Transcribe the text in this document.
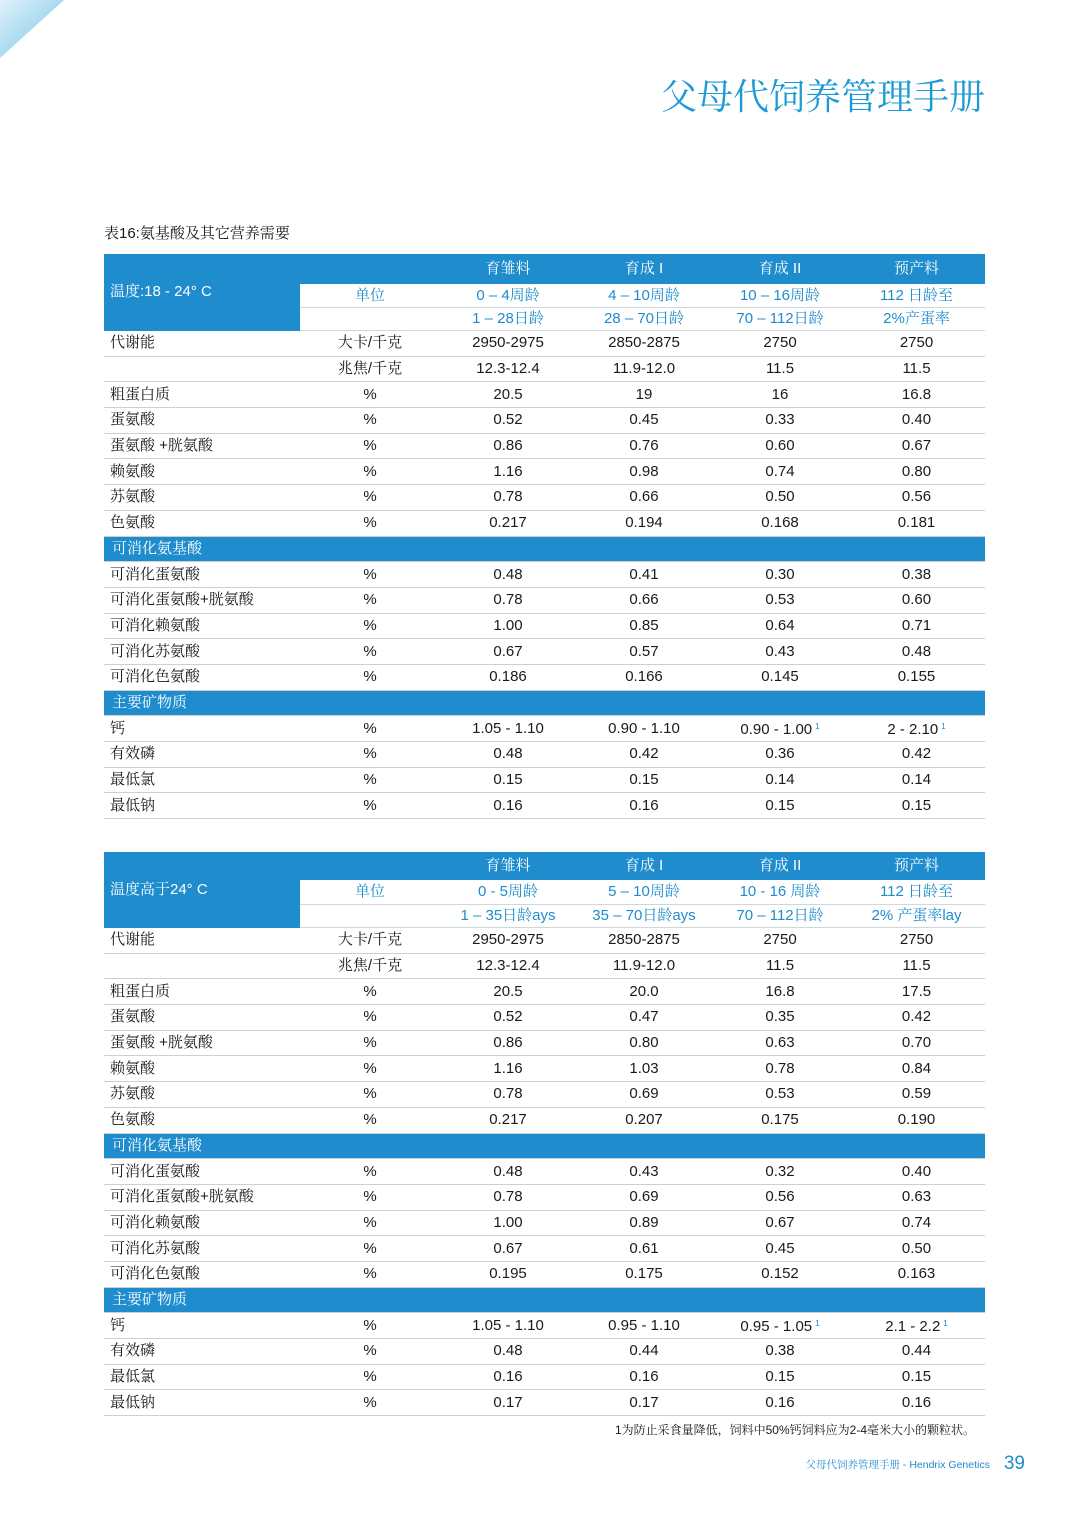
父母代饲养管理手册
表16:氨基酸及其它营养需要
温度:18 - 24° C		育雏料	育成 I	育成 II	预产料
	单位	0 – 4周龄	4 – 10周龄	10 – 16周龄	112 日龄至
		1 – 28日龄	28 – 70日龄	70 – 112日龄	2%产蛋率
代谢能	大卡/千克	2950-2975	2850-2875	2750	2750
	兆焦/千克	12.3-12.4	11.9-12.0	11.5	11.5
粗蛋白质	%	20.5	19	16	16.8
蛋氨酸	%	0.52	0.45	0.33	0.40
蛋氨酸 +胱氨酸	%	0.86	0.76	0.60	0.67
赖氨酸	%	1.16	0.98	0.74	0.80
苏氨酸	%	0.78	0.66	0.50	0.56
色氨酸	%	0.217	0.194	0.168	0.181
可消化氨基酸					
可消化蛋氨酸	%	0.48	0.41	0.30	0.38
可消化蛋氨酸+胱氨酸	%	0.78	0.66	0.53	0.60
可消化赖氨酸	%	1.00	0.85	0.64	0.71
可消化苏氨酸	%	0.67	0.57	0.43	0.48
可消化色氨酸	%	0.186	0.166	0.145	0.155
主要矿物质					
钙	%	1.05 - 1.10	0.90 - 1.10	0.90 - 1.00 $^1$	2 - 2.10 $^1$
有效磷	%	0.48	0.42	0.36	0.42
最低氯	%	0.15	0.15	0.14	0.14
最低钠	%	0.16	0.16	0.15	0.15
温度高于24° C		育雏料	育成 I	育成 II	预产料
	单位	0 - 5周龄	5 – 10周龄	10 - 16 周龄	112 日龄至
		1 – 35日龄ays	35 – 70日龄ays	70 – 112日龄	2% 产蛋率lay
代谢能	大卡/千克	2950-2975	2850-2875	2750	2750
	兆焦/千克	12.3-12.4	11.9-12.0	11.5	11.5
粗蛋白质	%	20.5	20.0	16.8	17.5
蛋氨酸	%	0.52	0.47	0.35	0.42
蛋氨酸 +胱氨酸	%	0.86	0.80	0.63	0.70
赖氨酸	%	1.16	1.03	0.78	0.84
苏氨酸	%	0.78	0.69	0.53	0.59
色氨酸	%	0.217	0.207	0.175	0.190
可消化氨基酸					
可消化蛋氨酸	%	0.48	0.43	0.32	0.40
可消化蛋氨酸+胱氨酸	%	0.78	0.69	0.56	0.63
可消化赖氨酸	%	1.00	0.89	0.67	0.74
可消化苏氨酸	%	0.67	0.61	0.45	0.50
可消化色氨酸	%	0.195	0.175	0.152	0.163
主要矿物质					
钙	%	1.05 - 1.10	0.95 - 1.10	0.95 - 1.05 $^1$	2.1 - 2.2 $^1$
有效磷	%	0.48	0.44	0.38	0.44
最低氯	%	0.16	0.16	0.15	0.15
最低钠	%	0.17	0.17	0.16	0.16
1为防止采食量降低，饲料中50%钙饲料应为2-4毫米大小的颗粒状。
父母代饲养管理手册 - Hendrix Genetics 39
